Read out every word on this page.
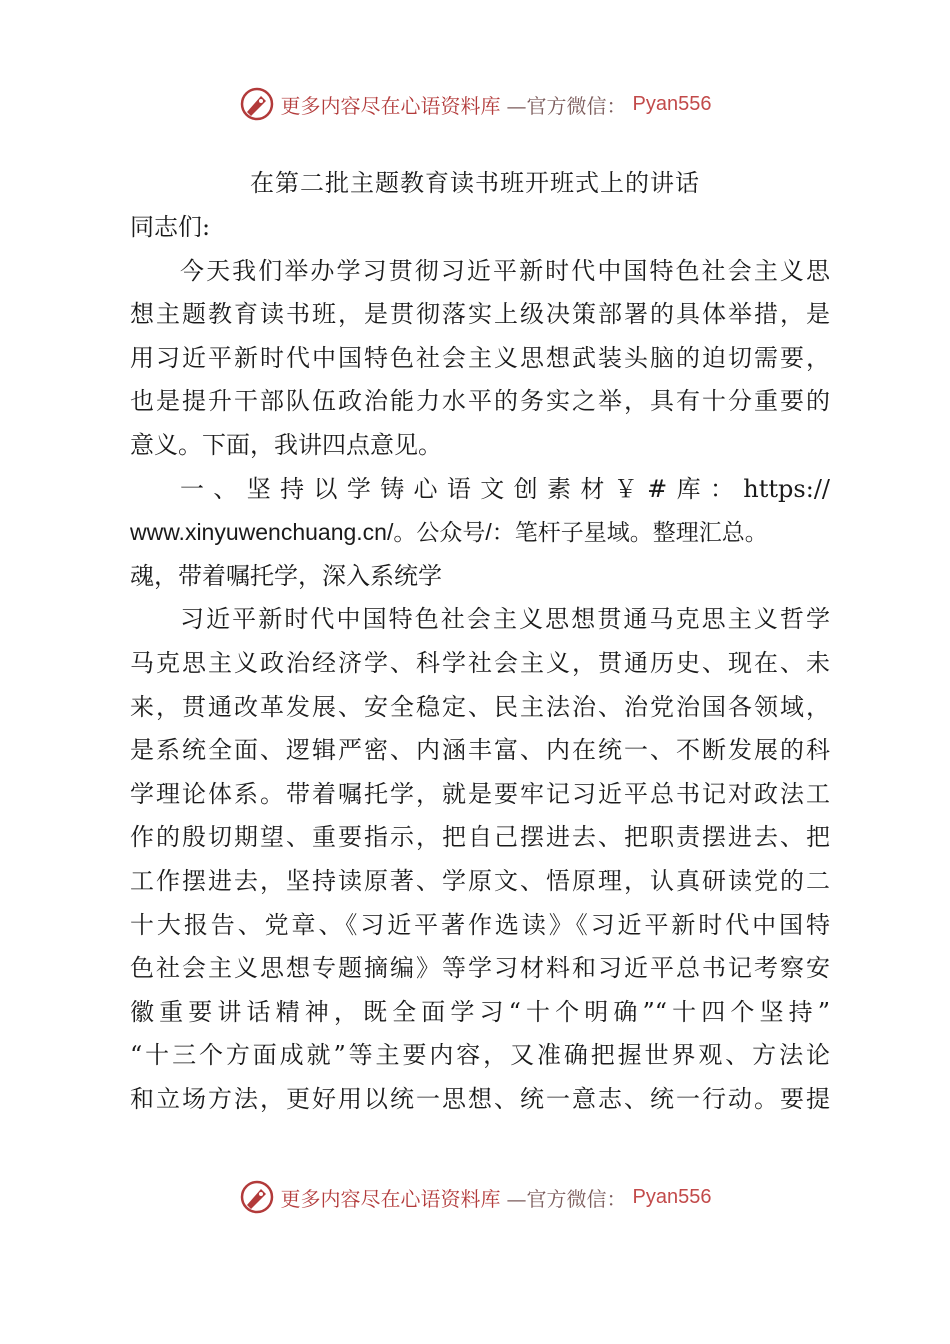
更多内容尽在心语资料库 —官方微信： Pyan556
在第二批主题教育读书班开班式上的讲话
同志们:
今天我们举办学习贯彻习近平新时代中国特色社会主义思
想主题教育读书班，是贯彻落实上级决策部署的具体举措，是
用习近平新时代中国特色社会主义思想武装头脑的迫切需要，
也是提升干部队伍政治能力水平的务实之举，具有十分重要的
意义。下面，我讲四点意见。
一、坚持以学铸心语文创素材￥#库：https://
www.xinyuwenchuang.cn/。公众号/：笔杆子星域。整理汇总。
魂，带着嘱托学，深入系统学
习近平新时代中国特色社会主义思想贯通马克思主义哲学
马克思主义政治经济学、科学社会主义，贯通历史、现在、未
来，贯通改革发展、安全稳定、民主法治、治党治国各领域，
是系统全面、逻辑严密、内涵丰富、内在统一、不断发展的科
学理论体系。带着嘱托学，就是要牢记习近平总书记对政法工
作的殷切期望、重要指示，把自己摆进去、把职责摆进去、把
工作摆进去，坚持读原著、学原文、悟原理，认真研读党的二
十大报告、党章、《习近平著作选读》《习近平新时代中国特
色社会主义思想专题摘编》等学习材料和习近平总书记考察安
徽重要讲话精神，既全面学习“十个明确”“十四个坚持”
“十三个方面成就”等主要内容，又准确把握世界观、方法论
和立场方法，更好用以统一思想、统一意志、统一行动。要提
更多内容尽在心语资料库 —官方微信： Pyan556
